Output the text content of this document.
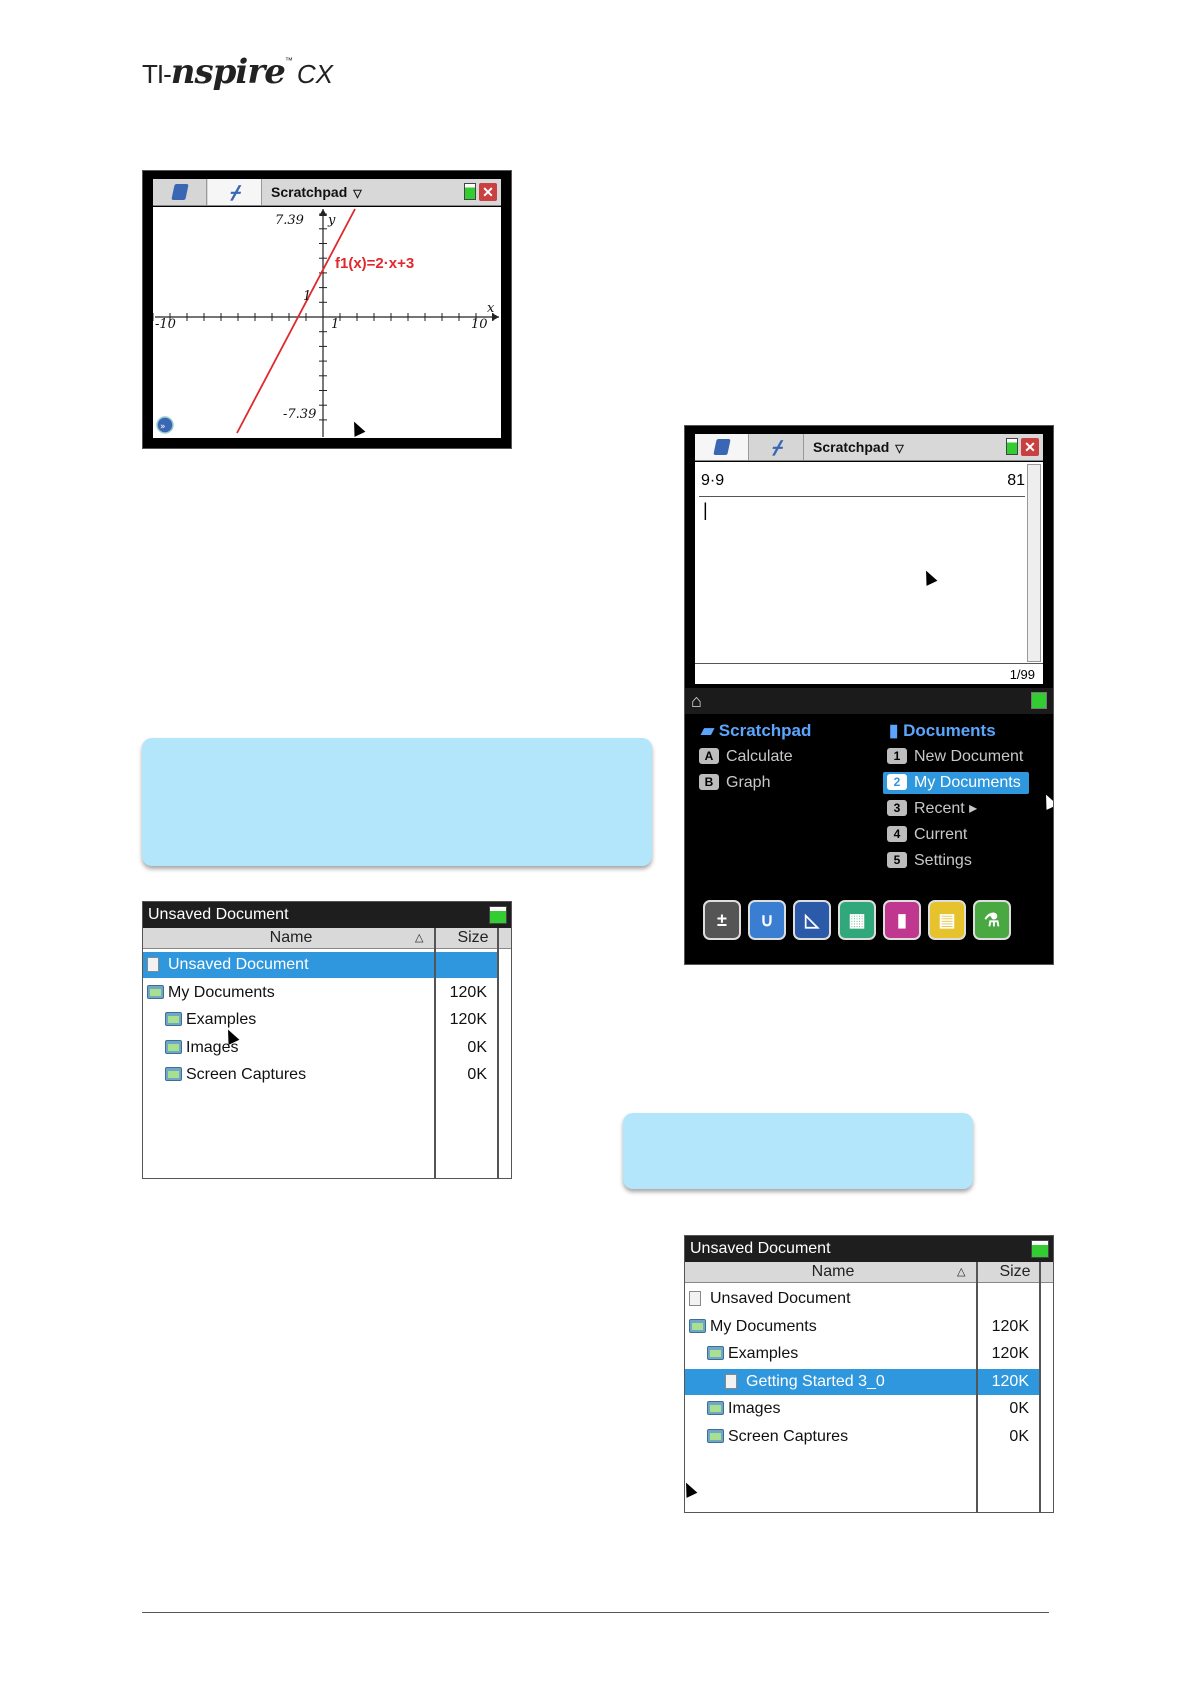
TI-nspire™ CX
ᚋ Scratchpad ▽	✕
»
7.39 y
1
-10	1	10
x
-7.39
f1(x)=2·x+3
ᚋ Scratchpad ▽	✕
9·9	81
|
1/99
⌂
▰ Scratchpad	▮ Documents
A Calculate
B Graph
1 New Document
2 My Documents
3 Recent ▸
4 Current
5 Settings
±	∪	◺	▦	▮	▤	⚗
Unsaved Document
Name	△	Size
Unsaved Document
My Documents	120K
Examples	120K
Images	0K
Screen Captures	0K
Unsaved Document
Name	△	Size
Unsaved Document
My Documents	120K
Examples	120K
Getting Started 3_0	120K
Images	0K
Screen Captures	0K
